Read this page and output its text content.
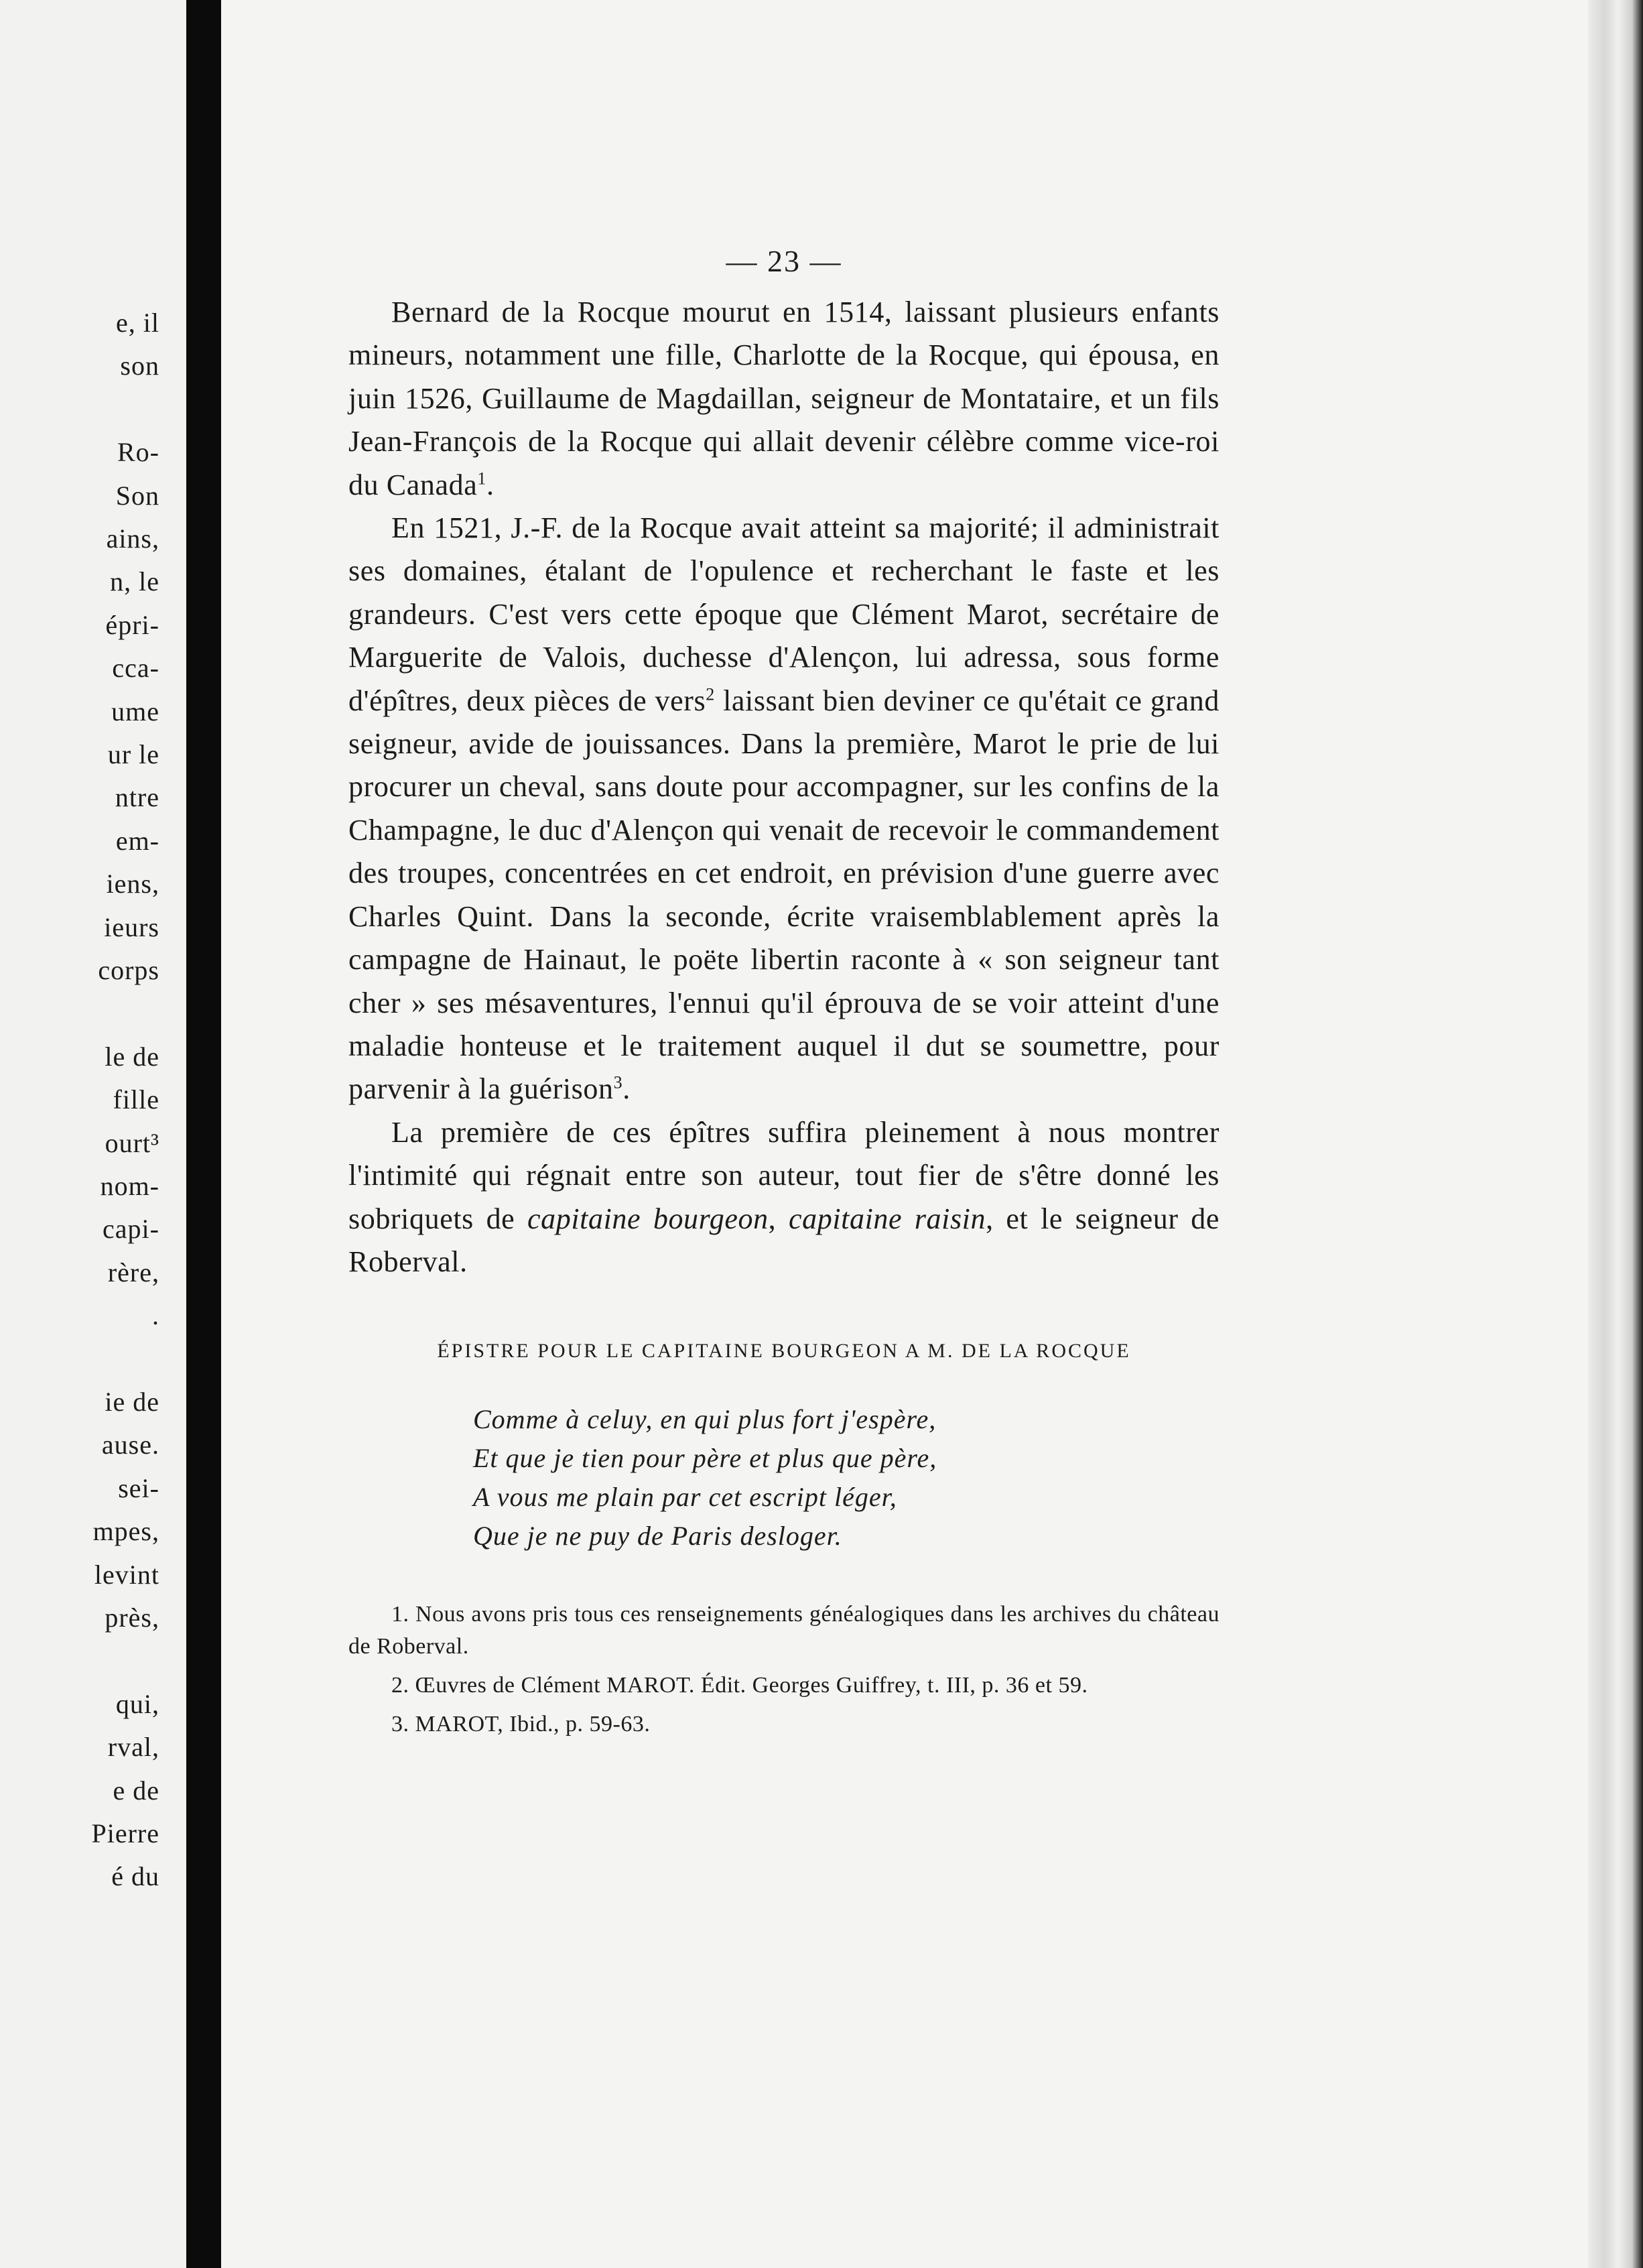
e, il
son
Ro-
Son
ains,
n, le
épri-
cca-
ume
ur le
ntre
em-
iens,
ieurs
corps
le de
fille
ourt³
nom-
capi-
rère,
.
ie de
ause.
sei-
mpes,
levint
près,
qui,
rval,
e de
Pierre
é du
— 23 —

Bernard de la Rocque mourut en 1514, laissant plusieurs enfants mineurs, notamment une fille, Charlotte de la Rocque, qui épousa, en juin 1526, Guillaume de Magdaillan, seigneur de Montataire, et un fils Jean-François de la Rocque qui allait devenir célèbre comme vice-roi du Canada$^1$.

En 1521, J.-F. de la Rocque avait atteint sa majorité; il administrait ses domaines, étalant de l'opulence et recherchant le faste et les grandeurs. C'est vers cette époque que Clément Marot, secrétaire de Marguerite de Valois, duchesse d'Alençon, lui adressa, sous forme d'épîtres, deux pièces de vers$^2$ laissant bien deviner ce qu'était ce grand seigneur, avide de jouissances. Dans la première, Marot le prie de lui procurer un cheval, sans doute pour accompagner, sur les confins de la Champagne, le duc d'Alençon qui venait de recevoir le commandement des troupes, concentrées en cet endroit, en prévision d'une guerre avec Charles Quint. Dans la seconde, écrite vraisemblablement après la campagne de Hainaut, le poëte libertin raconte à « son seigneur tant cher » ses mésaventures, l'ennui qu'il éprouva de se voir atteint d'une maladie honteuse et le traitement auquel il dut se soumettre, pour parvenir à la guérison$^3$.

La première de ces épîtres suffira pleinement à nous montrer l'intimité qui régnait entre son auteur, tout fier de s'être donné les sobriquets de capitaine bourgeon, capitaine raisin, et le seigneur de Roberval.

ÉPISTRE POUR LE CAPITAINE BOURGEON A M. DE LA ROCQUE
Comme à celuy, en qui plus fort j'espère,
Et que je tien pour père et plus que père,
A vous me plain par cet escript léger,
Que je ne puy de Paris desloger.

1. Nous avons pris tous ces renseignements généalogiques dans les archives du château de Roberval.

2. Œuvres de Clément MAROT. Édit. Georges Guiffrey, t. III, p. 36 et 59.

3. MAROT, Ibid., p. 59-63.
